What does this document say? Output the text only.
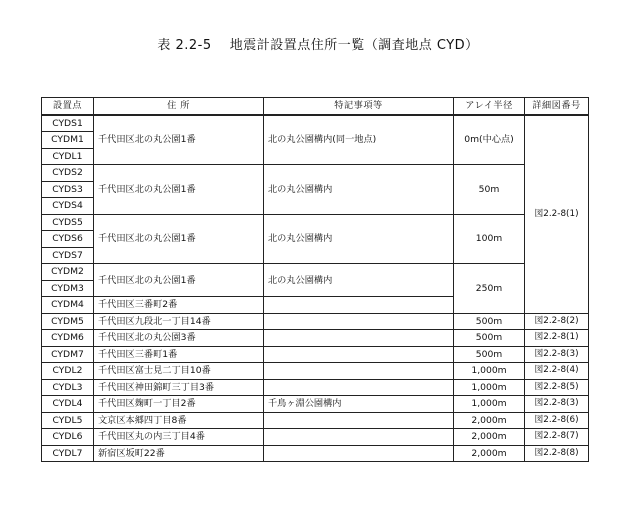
表 2.2-5　 地震計設置点住所一覧（調査地点 CYD）
設置点	住 所	特記事項等	アレイ半径	詳細図番号
CYDS1	千代田区北の丸公園1番	北の丸公園構内(同一地点)	0m(中心点)	図2.2-8(1)
CYDM1				
CYDL1				
CYDS2	千代田区北の丸公園1番	北の丸公園構内	50m	
CYDS3				
CYDS4				
CYDS5	千代田区北の丸公園1番	北の丸公園構内	100m	
CYDS6				
CYDS7				
CYDM2	千代田区北の丸公園1番	北の丸公園構内	250m	
CYDM3				
CYDM4	千代田区三番町2番			
CYDM5	千代田区九段北一丁目14番		500m	図2.2-8(2)
CYDM6	千代田区北の丸公園3番		500m	図2.2-8(1)
CYDM7	千代田区三番町1番		500m	図2.2-8(3)
CYDL2	千代田区富士見二丁目10番		1,000m	図2.2-8(4)
CYDL3	千代田区神田錦町三丁目3番		1,000m	図2.2-8(5)
CYDL4	千代田区麹町一丁目2番	千鳥ヶ淵公園構内	1,000m	図2.2-8(3)
CYDL5	文京区本郷四丁目8番		2,000m	図2.2-8(6)
CYDL6	千代田区丸の内三丁目4番		2,000m	図2.2-8(7)
CYDL7	新宿区坂町22番		2,000m	図2.2-8(8)
